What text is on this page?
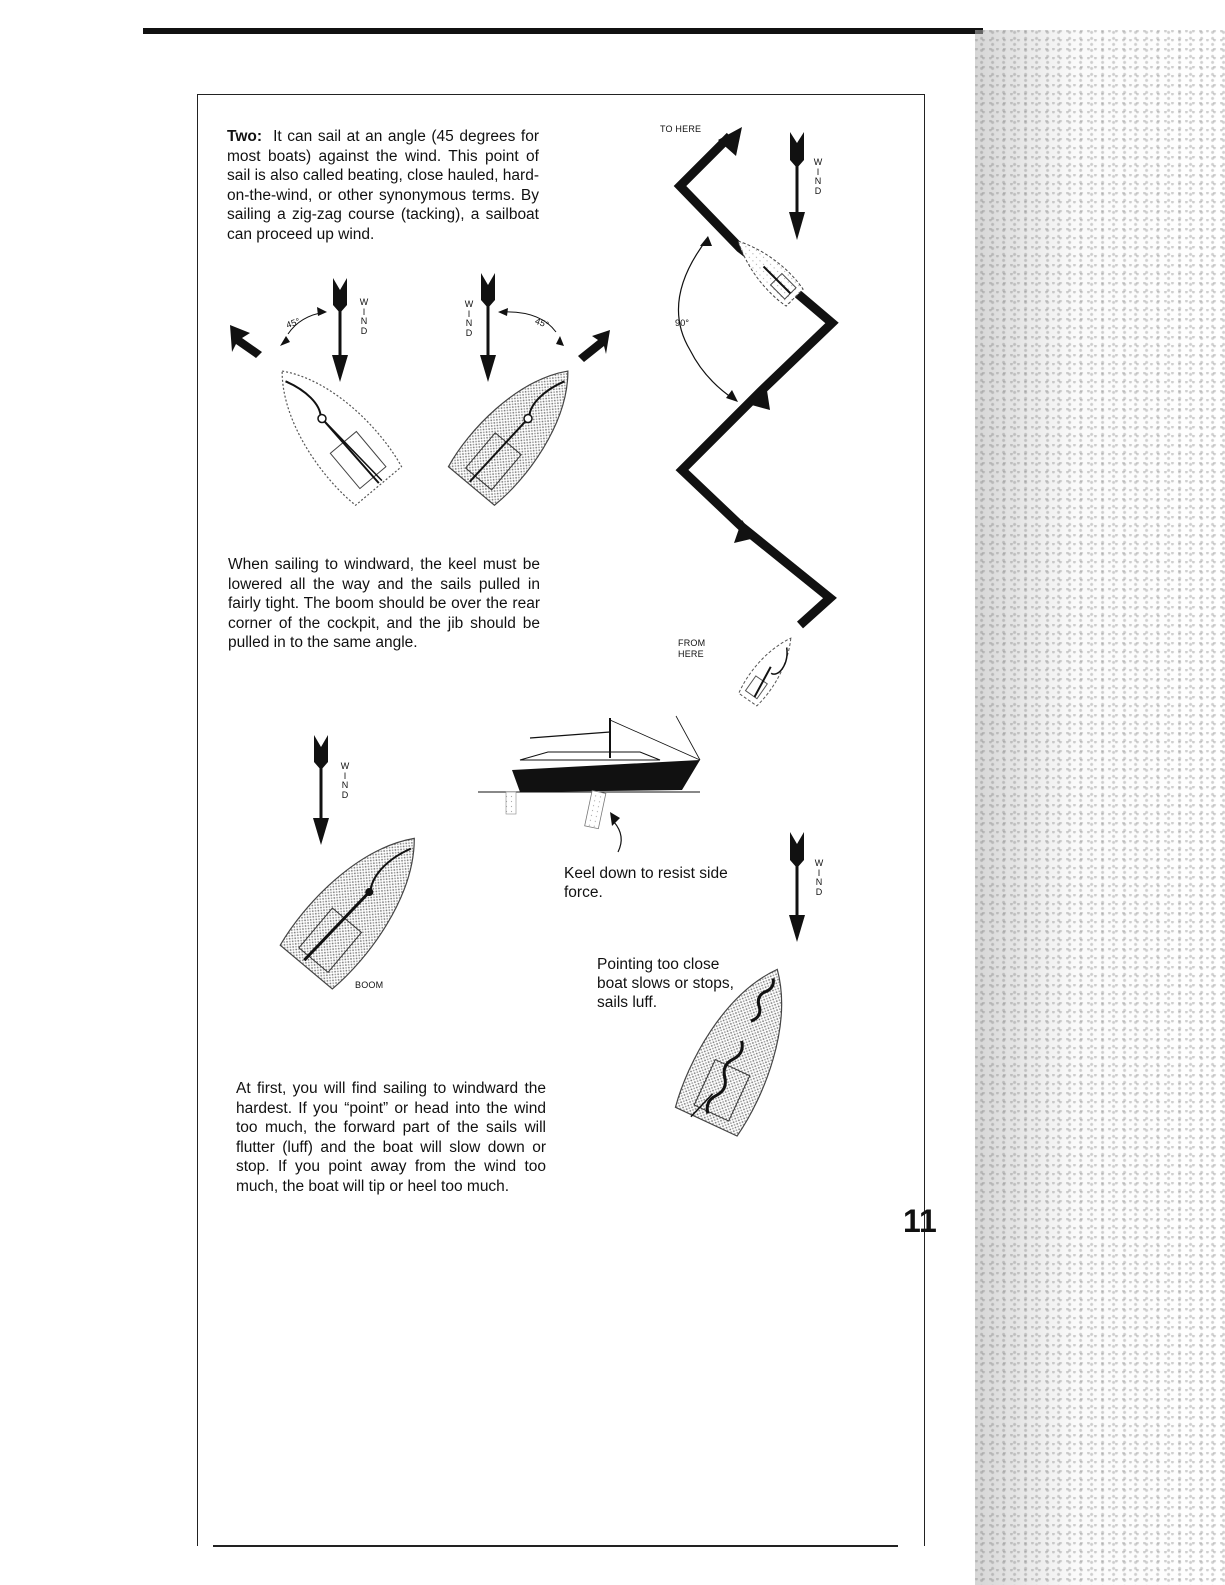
Two: It can sail at an angle (45 degrees for most boats) against the wind. This point of sail is also called beating, close hauled, hard-on-the-wind, or other synonymous terms. By sailing a zig-zag course (tacking), a sailboat can proceed up wind.
When sailing to windward, the keel must be lowered all the way and the sails pulled in fairly tight. The boom should be over the rear corner of the cockpit, and the jib should be pulled in to the same angle.
At first, you will find sailing to windward the hardest. If you “point” or head into the wind too much, the forward part of the sails will flutter (luff) and the boat will slow down or stop. If you point away from the wind too much, the boat will tip or heel too much.
Keel down to resist side force.
Pointing too close boat slows or stops, sails luff.
TO HERE
FROM
HERE
45°	45°	90°
BOOM
W
I
N
D
W
I
N
D
W
I
N
D
W
I
N
D
W
I
N
D
11
